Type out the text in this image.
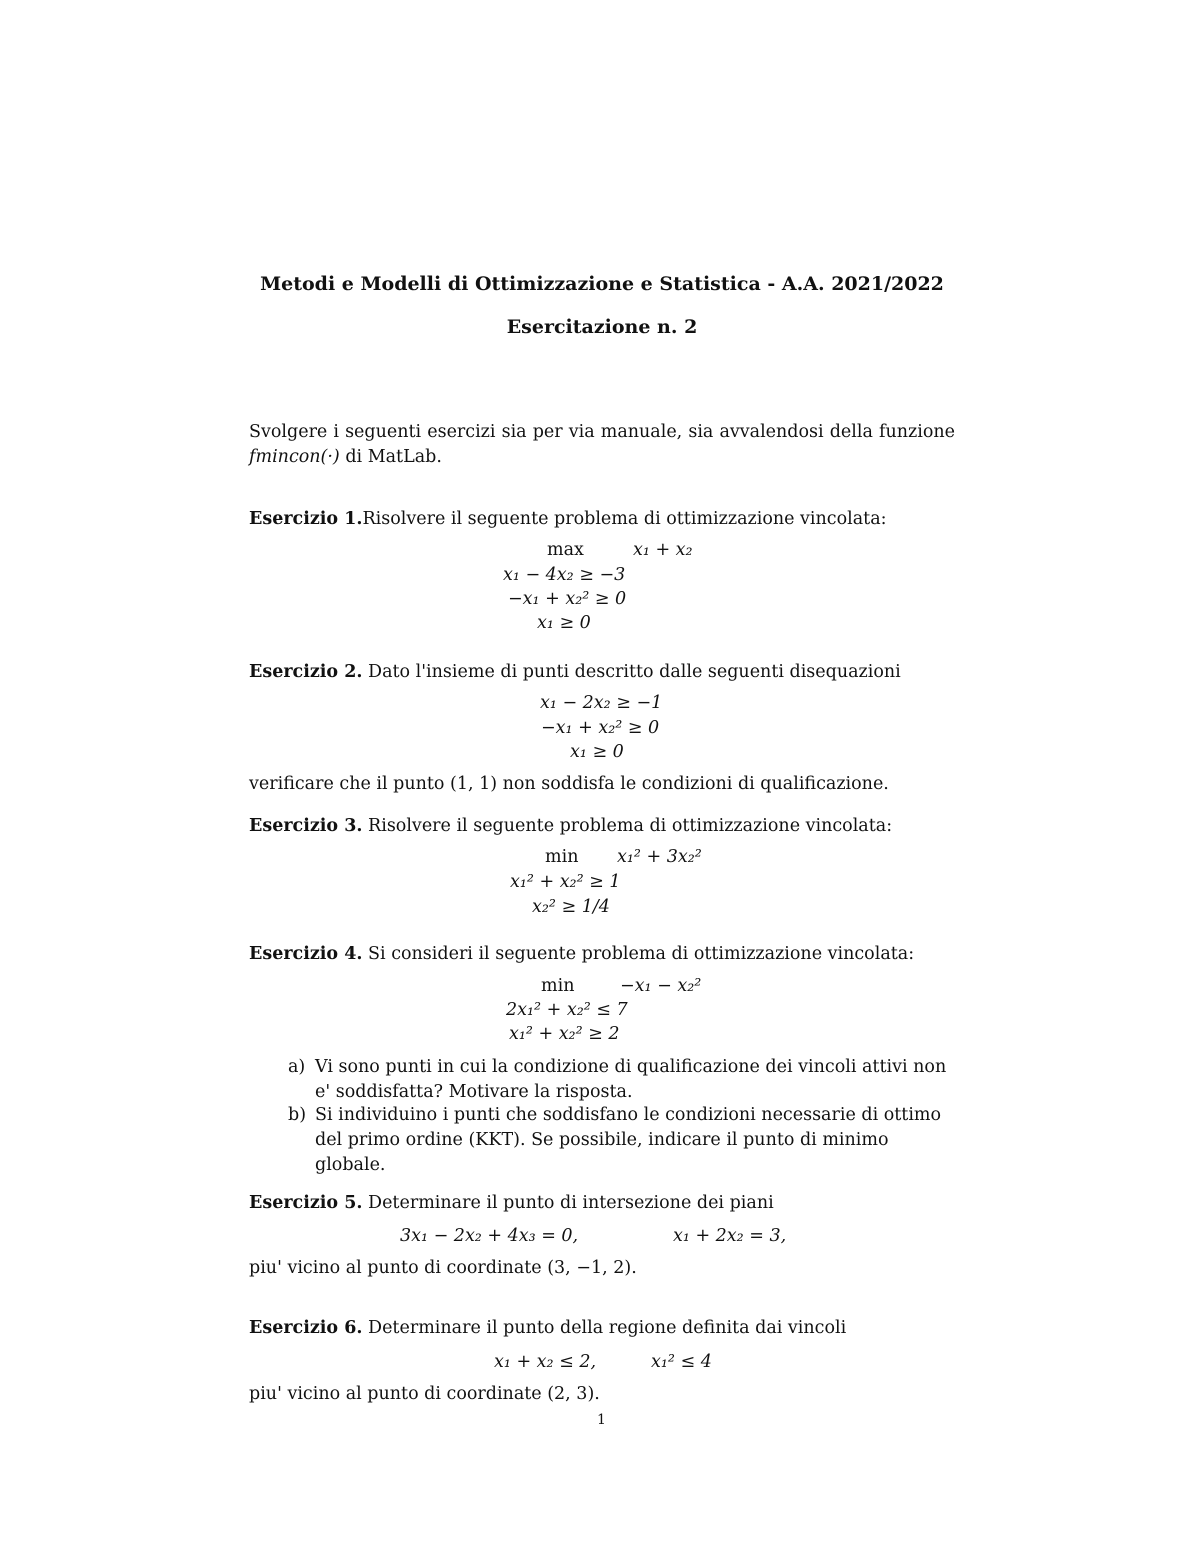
Metodi e Modelli di Ottimizzazione e Statistica - A.A. 2021/2022
Esercitazione n. 2
Svolgere i seguenti esercizi sia per via manuale, sia avvalendosi della funzione fmincon(·) di MatLab.
Esercizio 1.Risolvere il seguente problema di ottimizzazione vincolata:
max	x₁ + x₂
x₁ − 4x₂ ≥ −3
−x₁ + x₂² ≥ 0
x₁ ≥ 0
Esercizio 2. Dato l'insieme di punti descritto dalle seguenti disequazioni
x₁ − 2x₂ ≥ −1
−x₁ + x₂² ≥ 0
x₁ ≥ 0
verificare che il punto (1, 1) non soddisfa le condizioni di qualificazione.
Esercizio 3. Risolvere il seguente problema di ottimizzazione vincolata:
min x₁² + 3x₂²
x₁² + x₂² ≥ 1
x₂² ≥ 1/4
Esercizio 4. Si consideri il seguente problema di ottimizzazione vincolata:
min	−x₁ − x₂²
2x₁² + x₂² ≤ 7
x₁² + x₂² ≥ 2
a) Vi sono punti in cui la condizione di qualificazione dei vincoli attivi non e' soddisfatta? Motivare la risposta.
b) Si individuino i punti che soddisfano le condizioni necessarie di ottimo del primo ordine (KKT). Se possibile, indicare il punto di minimo globale.
Esercizio 5. Determinare il punto di intersezione dei piani
3x₁ − 2x₂ + 4x₃ = 0,	x₁ + 2x₂ = 3,
piu' vicino al punto di coordinate (3, −1, 2).
Esercizio 6. Determinare il punto della regione definita dai vincoli
x₁ + x₂ ≤ 2,	x₁² ≤ 4
piu' vicino al punto di coordinate (2, 3).
1
